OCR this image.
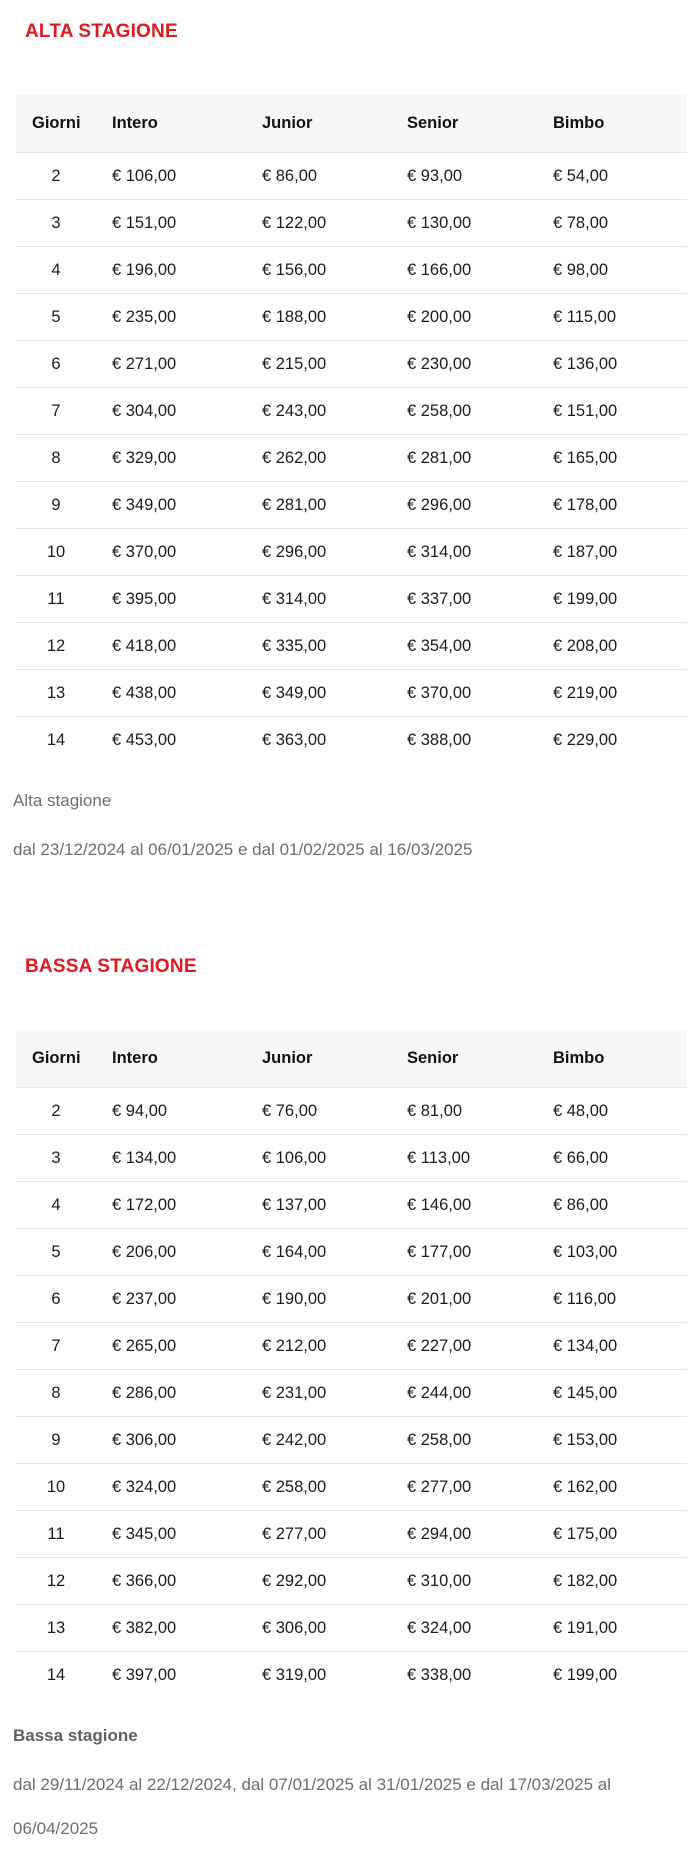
ALTA STAGIONE
Giorni	Intero	Junior	Senior	Bimbo
2	€ 106,00	€ 86,00	€ 93,00	€ 54,00
3	€ 151,00	€ 122,00	€ 130,00	€ 78,00
4	€ 196,00	€ 156,00	€ 166,00	€ 98,00
5	€ 235,00	€ 188,00	€ 200,00	€ 115,00
6	€ 271,00	€ 215,00	€ 230,00	€ 136,00
7	€ 304,00	€ 243,00	€ 258,00	€ 151,00
8	€ 329,00	€ 262,00	€ 281,00	€ 165,00
9	€ 349,00	€ 281,00	€ 296,00	€ 178,00
10	€ 370,00	€ 296,00	€ 314,00	€ 187,00
11	€ 395,00	€ 314,00	€ 337,00	€ 199,00
12	€ 418,00	€ 335,00	€ 354,00	€ 208,00
13	€ 438,00	€ 349,00	€ 370,00	€ 219,00
14	€ 453,00	€ 363,00	€ 388,00	€ 229,00

Alta stagione

dal 23/12/2024 al 06/01/2025 e dal 01/02/2025 al 16/03/2025

BASSA STAGIONE
Giorni	Intero	Junior	Senior	Bimbo
2	€ 94,00	€ 76,00	€ 81,00	€ 48,00
3	€ 134,00	€ 106,00	€ 113,00	€ 66,00
4	€ 172,00	€ 137,00	€ 146,00	€ 86,00
5	€ 206,00	€ 164,00	€ 177,00	€ 103,00
6	€ 237,00	€ 190,00	€ 201,00	€ 116,00
7	€ 265,00	€ 212,00	€ 227,00	€ 134,00
8	€ 286,00	€ 231,00	€ 244,00	€ 145,00
9	€ 306,00	€ 242,00	€ 258,00	€ 153,00
10	€ 324,00	€ 258,00	€ 277,00	€ 162,00
11	€ 345,00	€ 277,00	€ 294,00	€ 175,00
12	€ 366,00	€ 292,00	€ 310,00	€ 182,00
13	€ 382,00	€ 306,00	€ 324,00	€ 191,00
14	€ 397,00	€ 319,00	€ 338,00	€ 199,00

Bassa stagione

dal 29/11/2024 al 22/12/2024, dal 07/01/2025 al 31/01/2025 e dal 17/03/2025 al 06/04/2025
